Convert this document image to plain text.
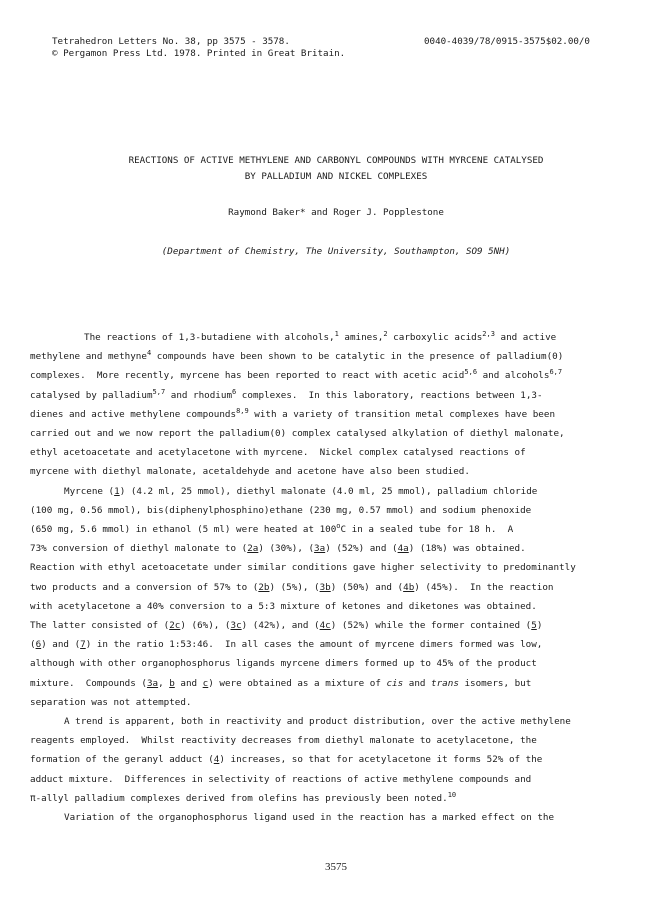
Tetrahedron Letters No. 38, pp 3575 - 3578.
© Pergamon Press Ltd. 1978. Printed in Great Britain.
0040-4039/78/0915-3575$02.00/0
REACTIONS OF ACTIVE METHYLENE AND CARBONYL COMPOUNDS WITH MYRCENE CATALYSED
BY PALLADIUM AND NICKEL COMPLEXES
Raymond Baker* and Roger J. Popplestone
(Department of Chemistry, The University, Southampton, SO9 5NH)

The reactions of 1,3-butadiene with alcohols,$^1$ amines,$^2$ carboxylic acids$^{2,3}$ and active

methylene and methyne$^4$ compounds have been shown to be catalytic in the presence of palladium(0)

complexes.  More recently, myrcene has been reported to react with acetic acid$^{5,6}$ and alcohols$^{6,7}$

catalysed by palladium$^{5,7}$ and rhodium$^6$ complexes.  In this laboratory, reactions between 1,3-

dienes and active methylene compounds$^{8,9}$ with a variety of transition metal complexes have been

carried out and we now report the palladium(0) complex catalysed alkylation of diethyl malonate,

ethyl acetoacetate and acetylacetone with myrcene.  Nickel complex catalysed reactions of

myrcene with diethyl malonate, acetaldehyde and acetone have also been studied.

Myrcene (1) (4.2 ml, 25 mmol), diethyl malonate (4.0 ml, 25 mmol), palladium chloride

(100 mg, 0.56 mmol), bis(diphenylphosphino)ethane (230 mg, 0.57 mmol) and sodium phenoxide

(650 mg, 5.6 mmol) in ethanol (5 ml) were heated at 100$^o$C in a sealed tube for 18 h.  A

73% conversion of diethyl malonate to (2a) (30%), (3a) (52%) and (4a) (18%) was obtained.

Reaction with ethyl acetoacetate under similar conditions gave higher selectivity to predominantly

two products and a conversion of 57% to (2b) (5%), (3b) (50%) and (4b) (45%).  In the reaction

with acetylacetone a 40% conversion to a 5:3 mixture of ketones and diketones was obtained.

The latter consisted of (2c) (6%), (3c) (42%), and (4c) (52%) while the former contained (5)

(6) and (7) in the ratio 1:53:46.  In all cases the amount of myrcene dimers formed was low,

although with other organophosphorus ligands myrcene dimers formed up to 45% of the product

mixture.  Compounds (3a, b and c) were obtained as a mixture of cis and trans isomers, but

separation was not attempted.

A trend is apparent, both in reactivity and product distribution, over the active methylene

reagents employed.  Whilst reactivity decreases from diethyl malonate to acetylacetone, the

formation of the geranyl adduct (4) increases, so that for acetylacetone it forms 52% of the

adduct mixture.  Differences in selectivity of reactions of active methylene compounds and

π-allyl palladium complexes derived from olefins has previously been noted.$^{10}$

Variation of the organophosphorus ligand used in the reaction has a marked effect on the

3575
